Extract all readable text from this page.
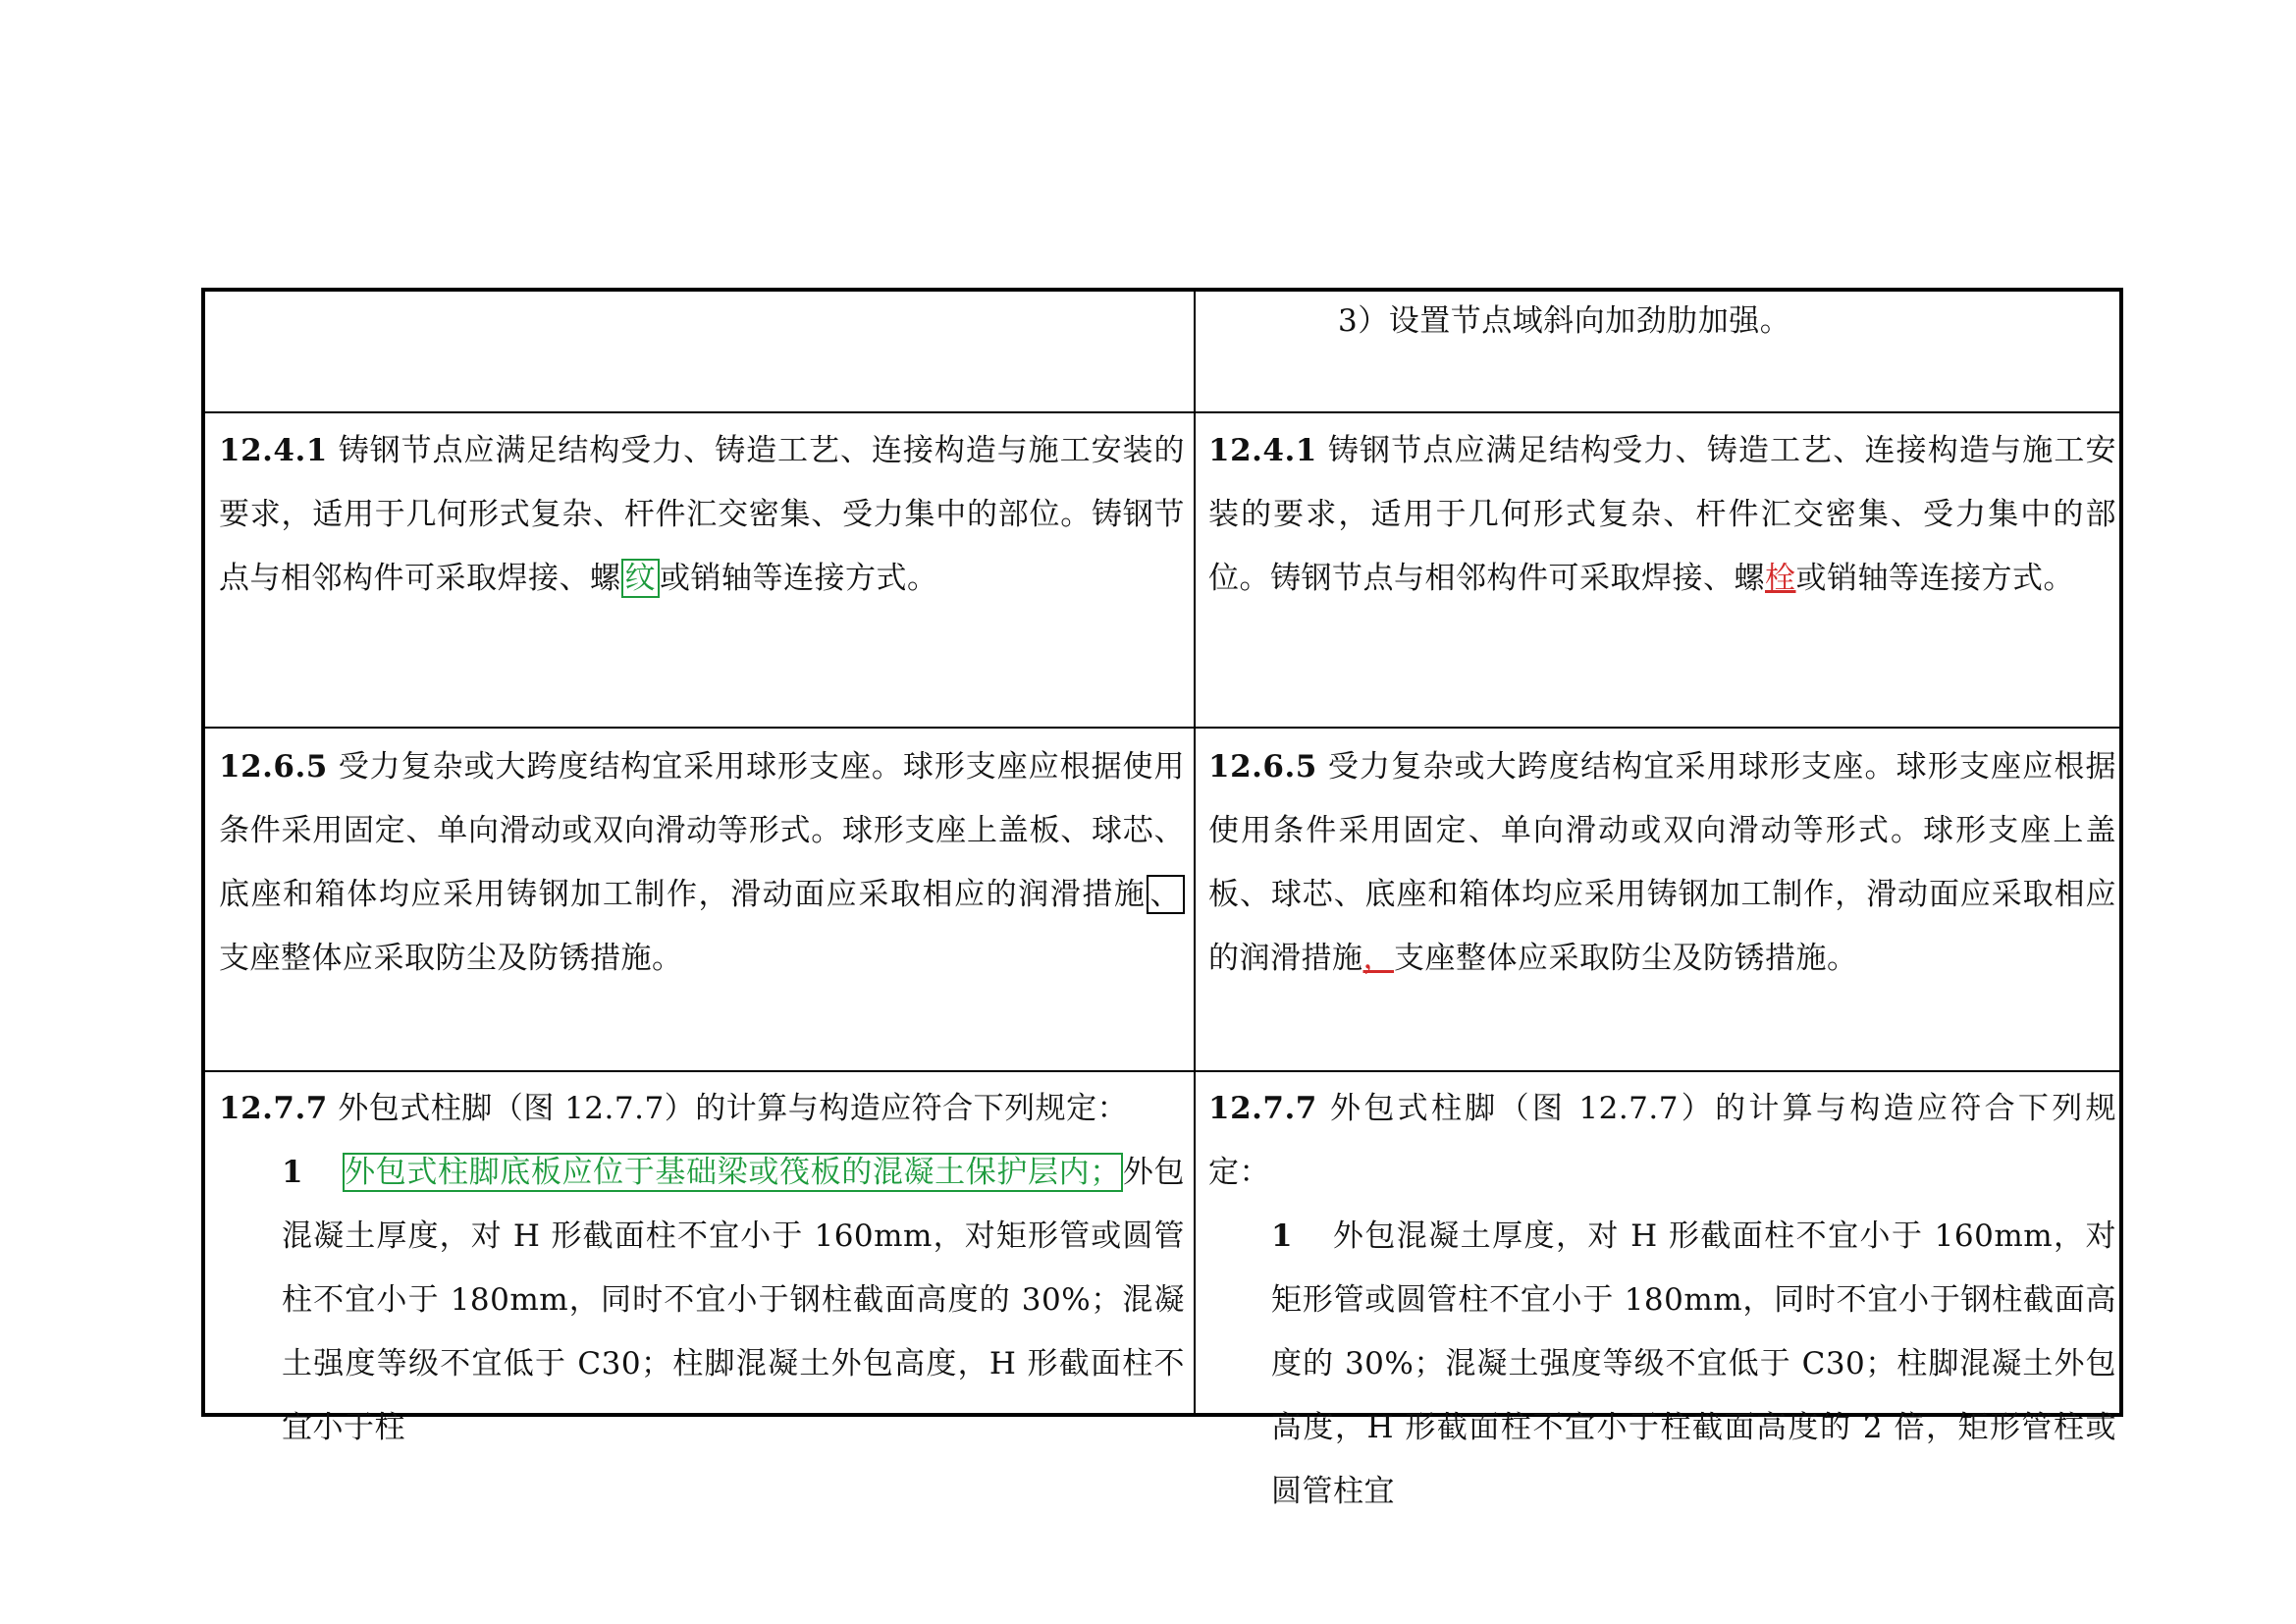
3）设置节点域斜向加劲肋加强。

12.4.1 铸钢节点应满足结构受力、铸造工艺、连接构造与施工安装的要求，适用于几何形式复杂、杆件汇交密集、受力集中的部位。铸钢节点与相邻构件可采取焊接、螺 纹 或销轴等连接方式。

12.4.1 铸钢节点应满足结构受力、铸造工艺、连接构造与施工安装的要求，适用于几何形式复杂、杆件汇交密集、受力集中的部位。铸钢节点与相邻构件可采取焊接、螺栓或销轴等连接方式。

12.6.5 受力复杂或大跨度结构宜采用球形支座。球形支座应根据使用条件采用固定、单向滑动或双向滑动等形式。球形支座上盖板、球芯、底座和箱体均应采用铸钢加工制作，滑动面应采取相应的润滑措施 、支座整体应采取防尘及防锈措施。

12.6.5 受力复杂或大跨度结构宜采用球形支座。球形支座应根据使用条件采用固定、单向滑动或双向滑动等形式。球形支座上盖板、球芯、底座和箱体均应采用铸钢加工制作，滑动面应采取相应的润滑措施，支座整体应采取防尘及防锈措施。

12.7.7 外包式柱脚（图 12.7.7）的计算与构造应符合下列规定：

1 外包式柱脚底板应位于基础梁或筏板的混凝土保护层内；外包混凝土厚度，对 H 形截面柱不宜小于 160mm，对矩形管或圆管柱不宜小于 180mm，同时不宜小于钢柱截面高度的 30%；混凝土强度等级不宜低于 C30；柱脚混凝土外包高度，H 形截面柱不宜小于柱

12.7.7 外包式柱脚（图 12.7.7）的计算与构造应符合下列规定：

1 外包混凝土厚度，对 H 形截面柱不宜小于 160mm，对矩形管或圆管柱不宜小于 180mm，同时不宜小于钢柱截面高度的 30%；混凝土强度等级不宜低于 C30；柱脚混凝土外包高度，H 形截面柱不宜小于柱截面高度的 2 倍，矩形管柱或圆管柱宜
